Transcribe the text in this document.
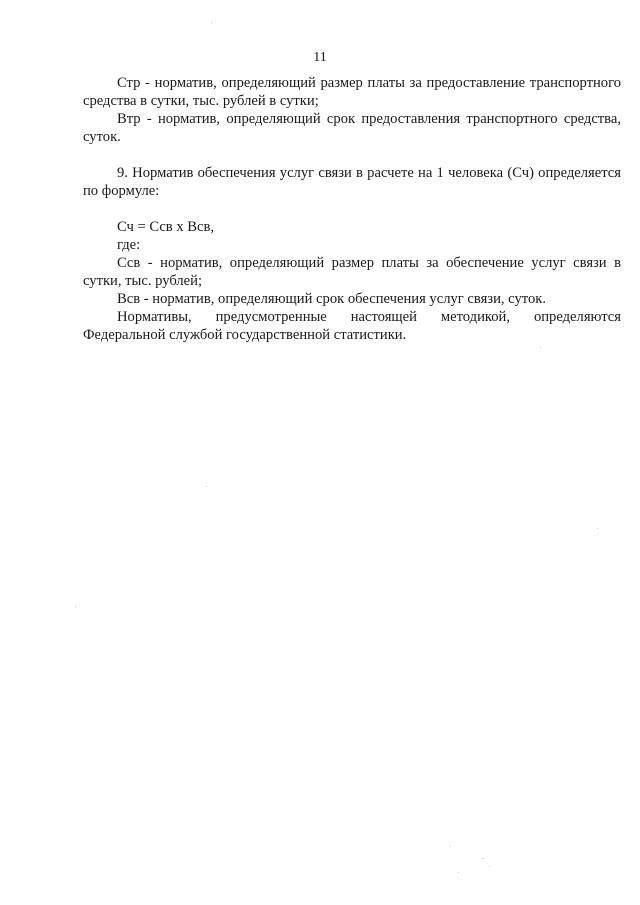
11

Стр - норматив, определяющий размер платы за предоставление транспортного средства в сутки, тыс. рублей в сутки;

Втр - норматив, определяющий срок предоставления транспортного средства, суток.

9. Норматив обеспечения услуг связи в расчете на 1 человека (Сч) определяется по формуле:

Сч = Ссв х Всв,

где:

Ссв - норматив, определяющий размер платы за обеспечение услуг связи в сутки, тыс. рублей;

Всв - норматив, определяющий срок обеспечения услуг связи, суток.

Нормативы, предусмотренные настоящей методикой, определяются Федеральной службой государственной статистики.
